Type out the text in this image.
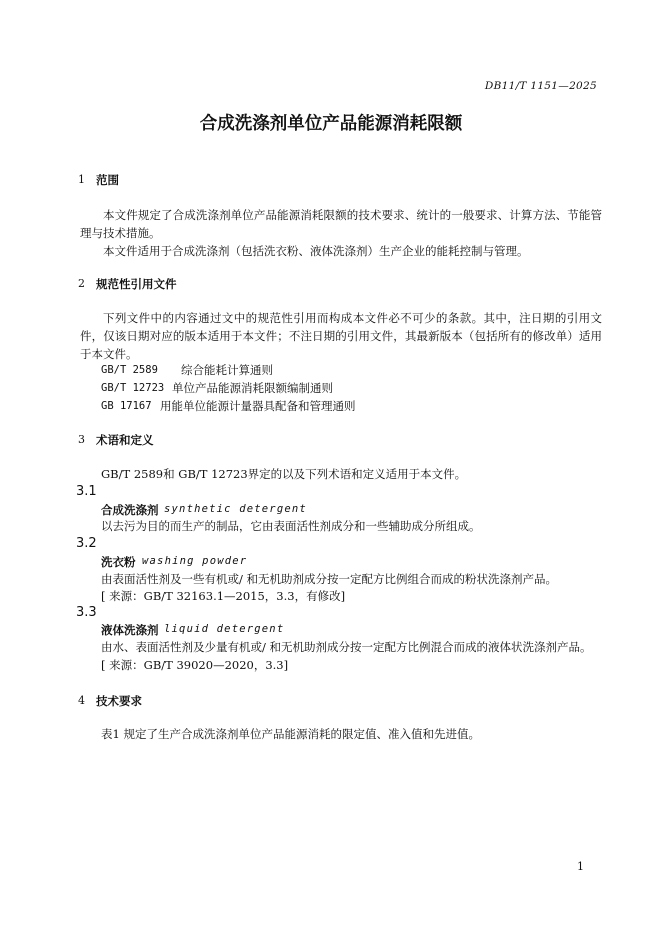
DB11/T 1151—2025
合成洗涤剂单位产品能源消耗限额
1 范围
本文件规定了合成洗涤剂单位产品能源消耗限额的技术要求、统计的一般要求、计算方法、节能管理与技术措施。
本文件适用于合成洗涤剂（包括洗衣粉、液体洗涤剂）生产企业的能耗控制与管理。
2 规范性引用文件
下列文件中的内容通过文中的规范性引用而构成本文件必不可少的条款。其中，注日期的引用文件，仅该日期对应的版本适用于本文件；不注日期的引用文件，其最新版本（包括所有的修改单）适用于本文件。
GB/T 2589 综合能耗计算通则
GB/T 12723 单位产品能源消耗限额编制通则
GB 17167 用能单位能源计量器具配备和管理通则
3 术语和定义
GB/T 2589和 GB/T 12723界定的以及下列术语和定义适用于本文件。
3.1
合成洗涤剂 synthetic detergent
以去污为目的而生产的制品，它由表面活性剂成分和一些辅助成分所组成。
3.2
洗衣粉 washing powder
由表面活性剂及一些有机或/ 和无机助剂成分按一定配方比例组合而成的粉状洗涤剂产品。
[ 来源：GB/T 32163.1—2015，3.3，有修改]
3.3
液体洗涤剂 liquid detergent
由水、表面活性剂及少量有机或/ 和无机助剂成分按一定配方比例混合而成的液体状洗涤剂产品。
[ 来源：GB/T 39020—2020，3.3]
4 技术要求
表1 规定了生产合成洗涤剂单位产品能源消耗的限定值、准入值和先进值。
1
